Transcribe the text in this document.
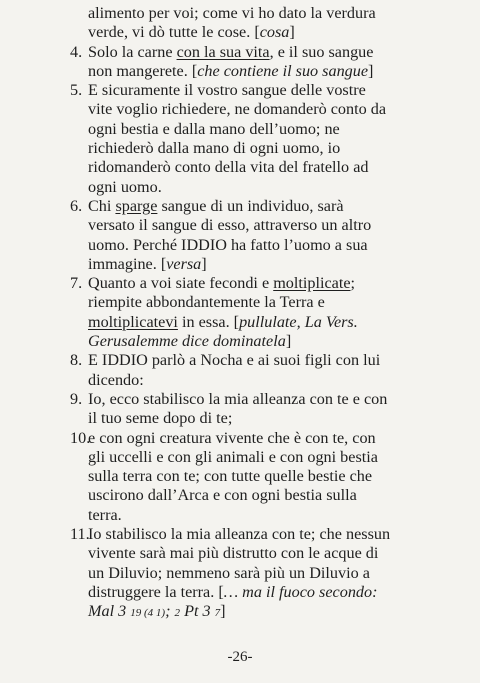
alimento per voi; come vi ho dato la verdura
verde, vi dò tutte le cose. [cosa]
4. Solo la carne con la sua vita, e il suo sangue
non mangerete. [che contiene il suo sangue]
5. E sicuramente il vostro sangue delle vostre
vite voglio richiedere, ne domanderò conto da
ogni bestia e dalla mano dell’uomo; ne
richiederò dalla mano di ogni uomo, io
ridomanderò conto della vita del fratello ad
ogni uomo.
6. Chi sparge sangue di un individuo, sarà
versato il sangue di esso, attraverso un altro
uomo. Perché IDDIO ha fatto l’uomo a sua
immagine. [versa]
7. Quanto a voi siate fecondi e moltiplicate;
riempite abbondantemente la Terra e
moltiplicatevi in essa. [pullulate, La Vers.
Gerusalemme dice dominatela]
8. E IDDIO parlò a Nocha e ai suoi figli con lui
dicendo:
9. Io, ecco stabilisco la mia alleanza con te e con
il tuo seme dopo di te;
10.e con ogni creatura vivente che è con te, con
gli uccelli e con gli animali e con ogni bestia
sulla terra con te; con tutte quelle bestie che
uscirono dall’Arca e con ogni bestia sulla
terra.
11.Io stabilisco la mia alleanza con te; che nessun
vivente sarà mai più distrutto con le acque di
un Diluvio; nemmeno sarà più un Diluvio a
distruggere la terra. [… ma il fuoco secondo:
Mal 3 19 (4 1); 2 Pt 3 7]
-26-
